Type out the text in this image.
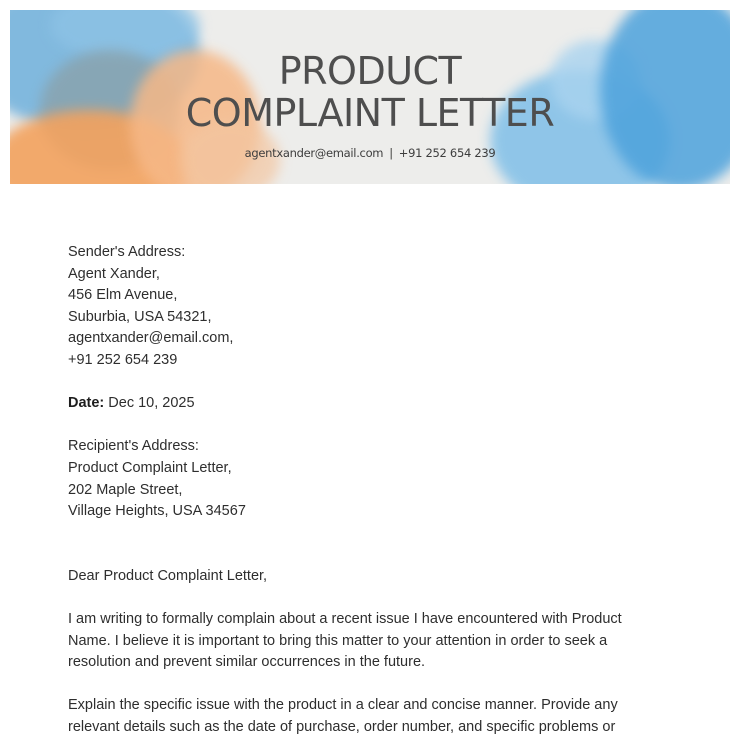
PRODUCT
COMPLAINT LETTER
agentxander@email.com | +91 252 654 239

Sender's Address:

Agent Xander,

456 Elm Avenue,

Suburbia, USA 54321,

agentxander@email.com,

+91 252 654 239

Date: Dec 10, 2025

Recipient's Address:

Product Complaint Letter,

202 Maple Street,

Village Heights, USA 34567

Dear Product Complaint Letter,

I am writing to formally complain about a recent issue I have encountered with Product Name. I believe it is important to bring this matter to your attention in order to seek a resolution and prevent similar occurrences in the future.

Explain the specific issue with the product in a clear and concise manner. Provide any relevant details such as the date of purchase, order number, and specific problems or
